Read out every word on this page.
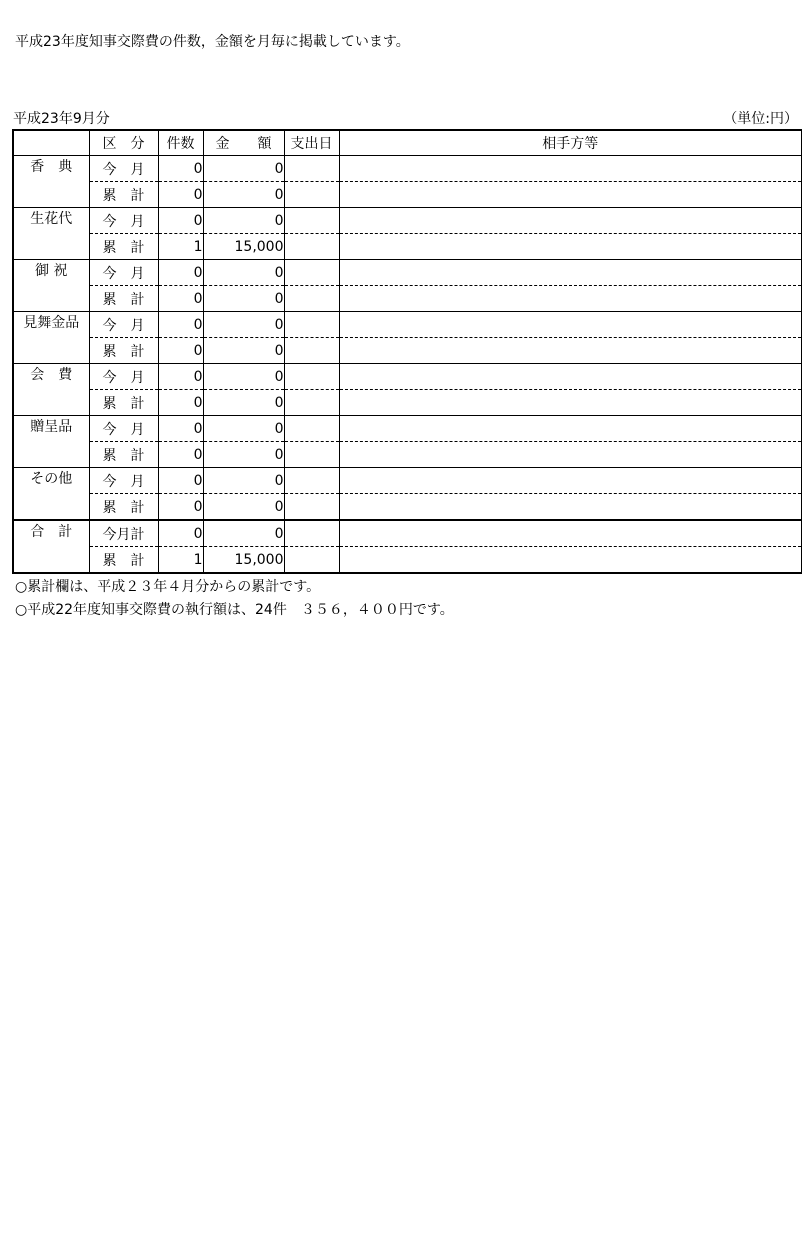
平成23年度知事交際費の件数，金額を月毎に掲載しています。
平成23年9月分	（単位:円）
	区　分	件数	金　　額	支出日	相手方等
香　典	今　月	0	0		
	累　計	0	0		
生花代	今　月	0	0		
	累　計	1	15,000		
御 祝	今　月	0	0		
	累　計	0	0		
見舞金品	今　月	0	0		
	累　計	0	0		
会　費	今　月	0	0		
	累　計	0	0		
贈呈品	今　月	0	0		
	累　計	0	0		
その他	今　月	0	0		
	累　計	0	0		
合　計	今月計	0	0		
	累　計	1	15,000		
○累計欄は、平成２３年４月分からの累計です。
○平成22年度知事交際費の執行額は、24件　３５６，４００円です。
